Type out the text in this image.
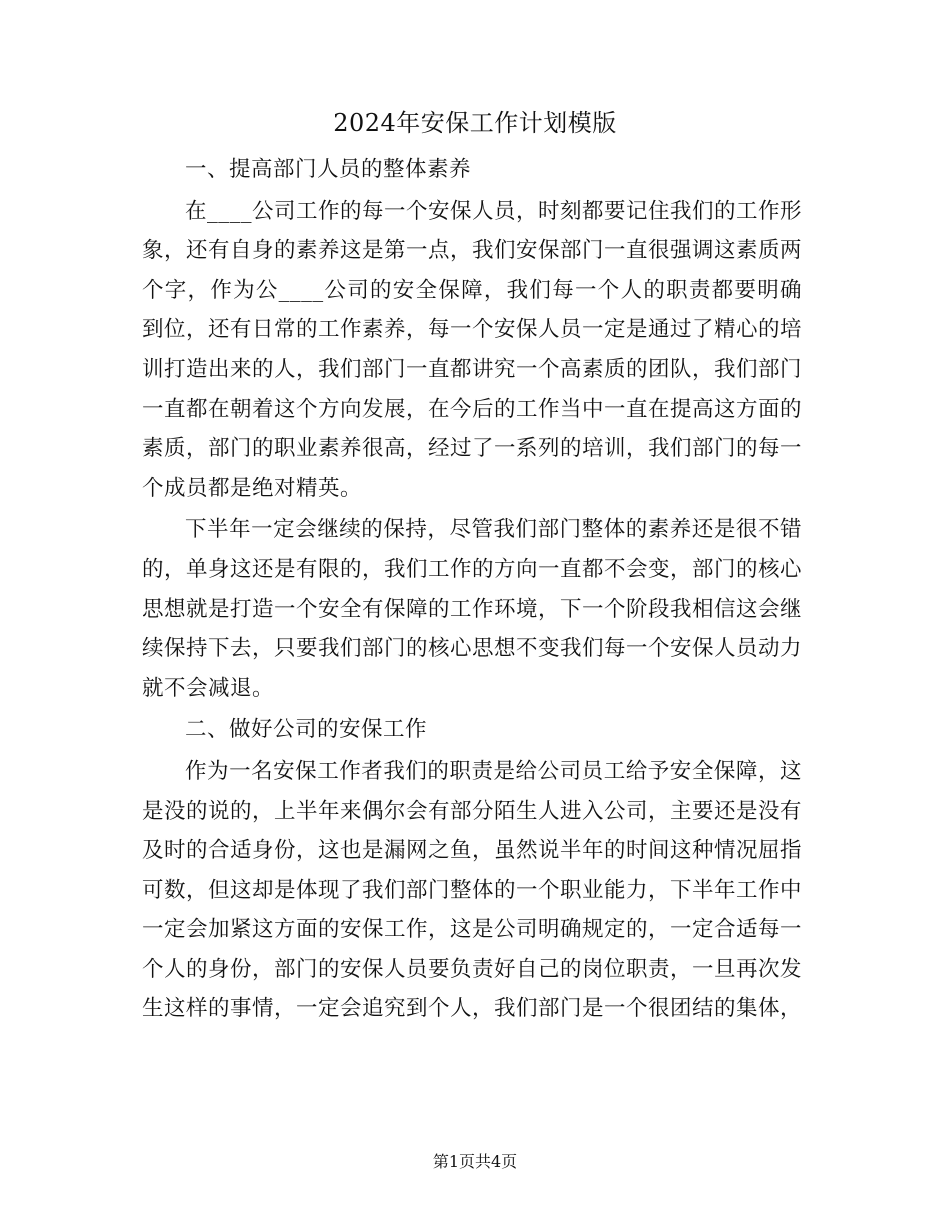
2024年安保工作计划模版

一、提高部门人员的整体素养

在____公司工作的每一个安保人员，时刻都要记住我们的工作形象，还有自身的素养这是第一点，我们安保部门一直很强调这素质两个字，作为公____公司的安全保障，我们每一个人的职责都要明确到位，还有日常的工作素养，每一个安保人员一定是通过了精心的培训打造出来的人，我们部门一直都讲究一个高素质的团队，我们部门一直都在朝着这个方向发展，在今后的工作当中一直在提高这方面的素质，部门的职业素养很高，经过了一系列的培训，我们部门的每一个成员都是绝对精英。

下半年一定会继续的保持，尽管我们部门整体的素养还是很不错的，单身这还是有限的，我们工作的方向一直都不会变，部门的核心思想就是打造一个安全有保障的工作环境，下一个阶段我相信这会继续保持下去，只要我们部门的核心思想不变我们每一个安保人员动力就不会减退。

二、做好公司的安保工作

作为一名安保工作者我们的职责是给公司员工给予安全保障，这是没的说的，上半年来偶尔会有部分陌生人进入公司，主要还是没有及时的合适身份，这也是漏网之鱼，虽然说半年的时间这种情况屈指可数，但这却是体现了我们部门整体的一个职业能力，下半年工作中一定会加紧这方面的安保工作，这是公司明确规定的，一定合适每一个人的身份，部门的安保人员要负责好自己的岗位职责，一旦再次发生这样的事情，一定会追究到个人，我们部门是一个很团结的集体，

第1页共4页
